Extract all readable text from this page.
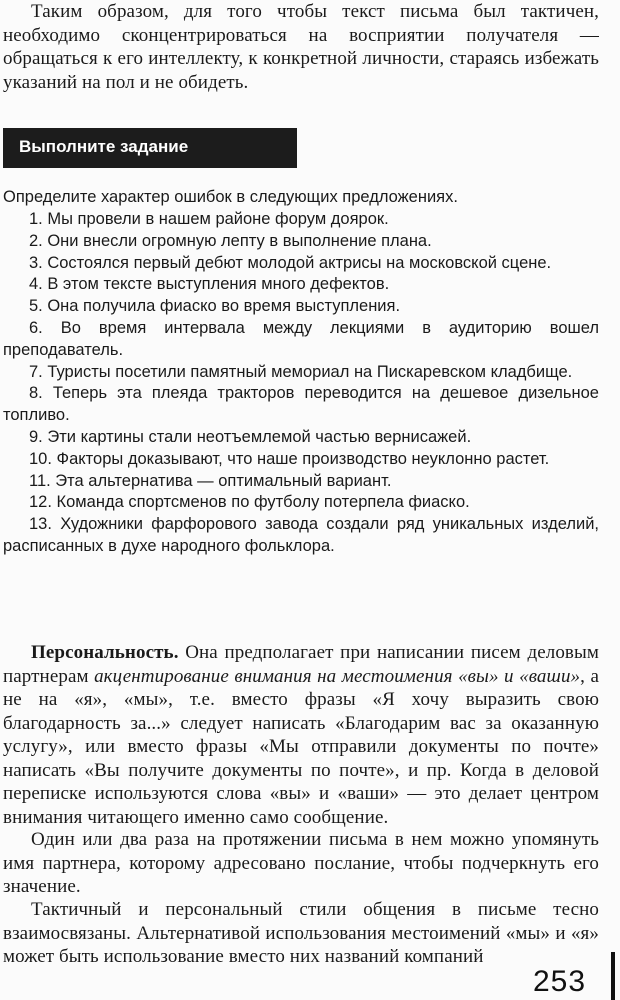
Таким образом, для того чтобы текст письма был тактичен, необходимо сконцентрироваться на восприятии получателя — обращаться к его интеллекту, к конкретной личности, стараясь избежать указаний на пол и не обидеть.

Выполните задание

Определите характер ошибок в следующих предложениях.

1. Мы провели в нашем районе форум доярок.
2. Они внесли огромную лепту в выполнение плана.
3. Состоялся первый дебют молодой актрисы на московской сцене.
4. В этом тексте выступления много дефектов.
5. Она получила фиаско во время выступления.
6. Во время интервала между лекциями в аудиторию вошел преподаватель.
7. Туристы посетили памятный мемориал на Пискаревском кладбище.
8. Теперь эта плеяда тракторов переводится на дешевое дизельное топливо.
9. Эти картины стали неотъемлемой частью вернисажей.
10. Факторы доказывают, что наше производство неуклонно растет.
11. Эта альтернатива — оптимальный вариант.
12. Команда спортсменов по футболу потерпела фиаско.
13. Художники фарфорового завода создали ряд уникальных изделий, расписанных в духе народного фольклора.

Персональность. Она предполагает при написании писем деловым партнерам акцентирование внимания на местоимения «вы» и «ваши», а не на «я», «мы», т.е. вместо фразы «Я хочу выразить свою благодарность за...» следует написать «Благодарим вас за оказанную услугу», или вместо фразы «Мы отправили документы по почте» написать «Вы получите документы по почте», и пр. Когда в деловой переписке используются слова «вы» и «ваши» — это делает центром внимания читающего именно само сообщение.

Один или два раза на протяжении письма в нем можно упомянуть имя партнера, которому адресовано послание, чтобы подчеркнуть его значение.

Тактичный и персональный стили общения в письме тесно взаимосвязаны. Альтернативой использования местоимений «мы» и «я» может быть использование вместо них названий компаний

253
